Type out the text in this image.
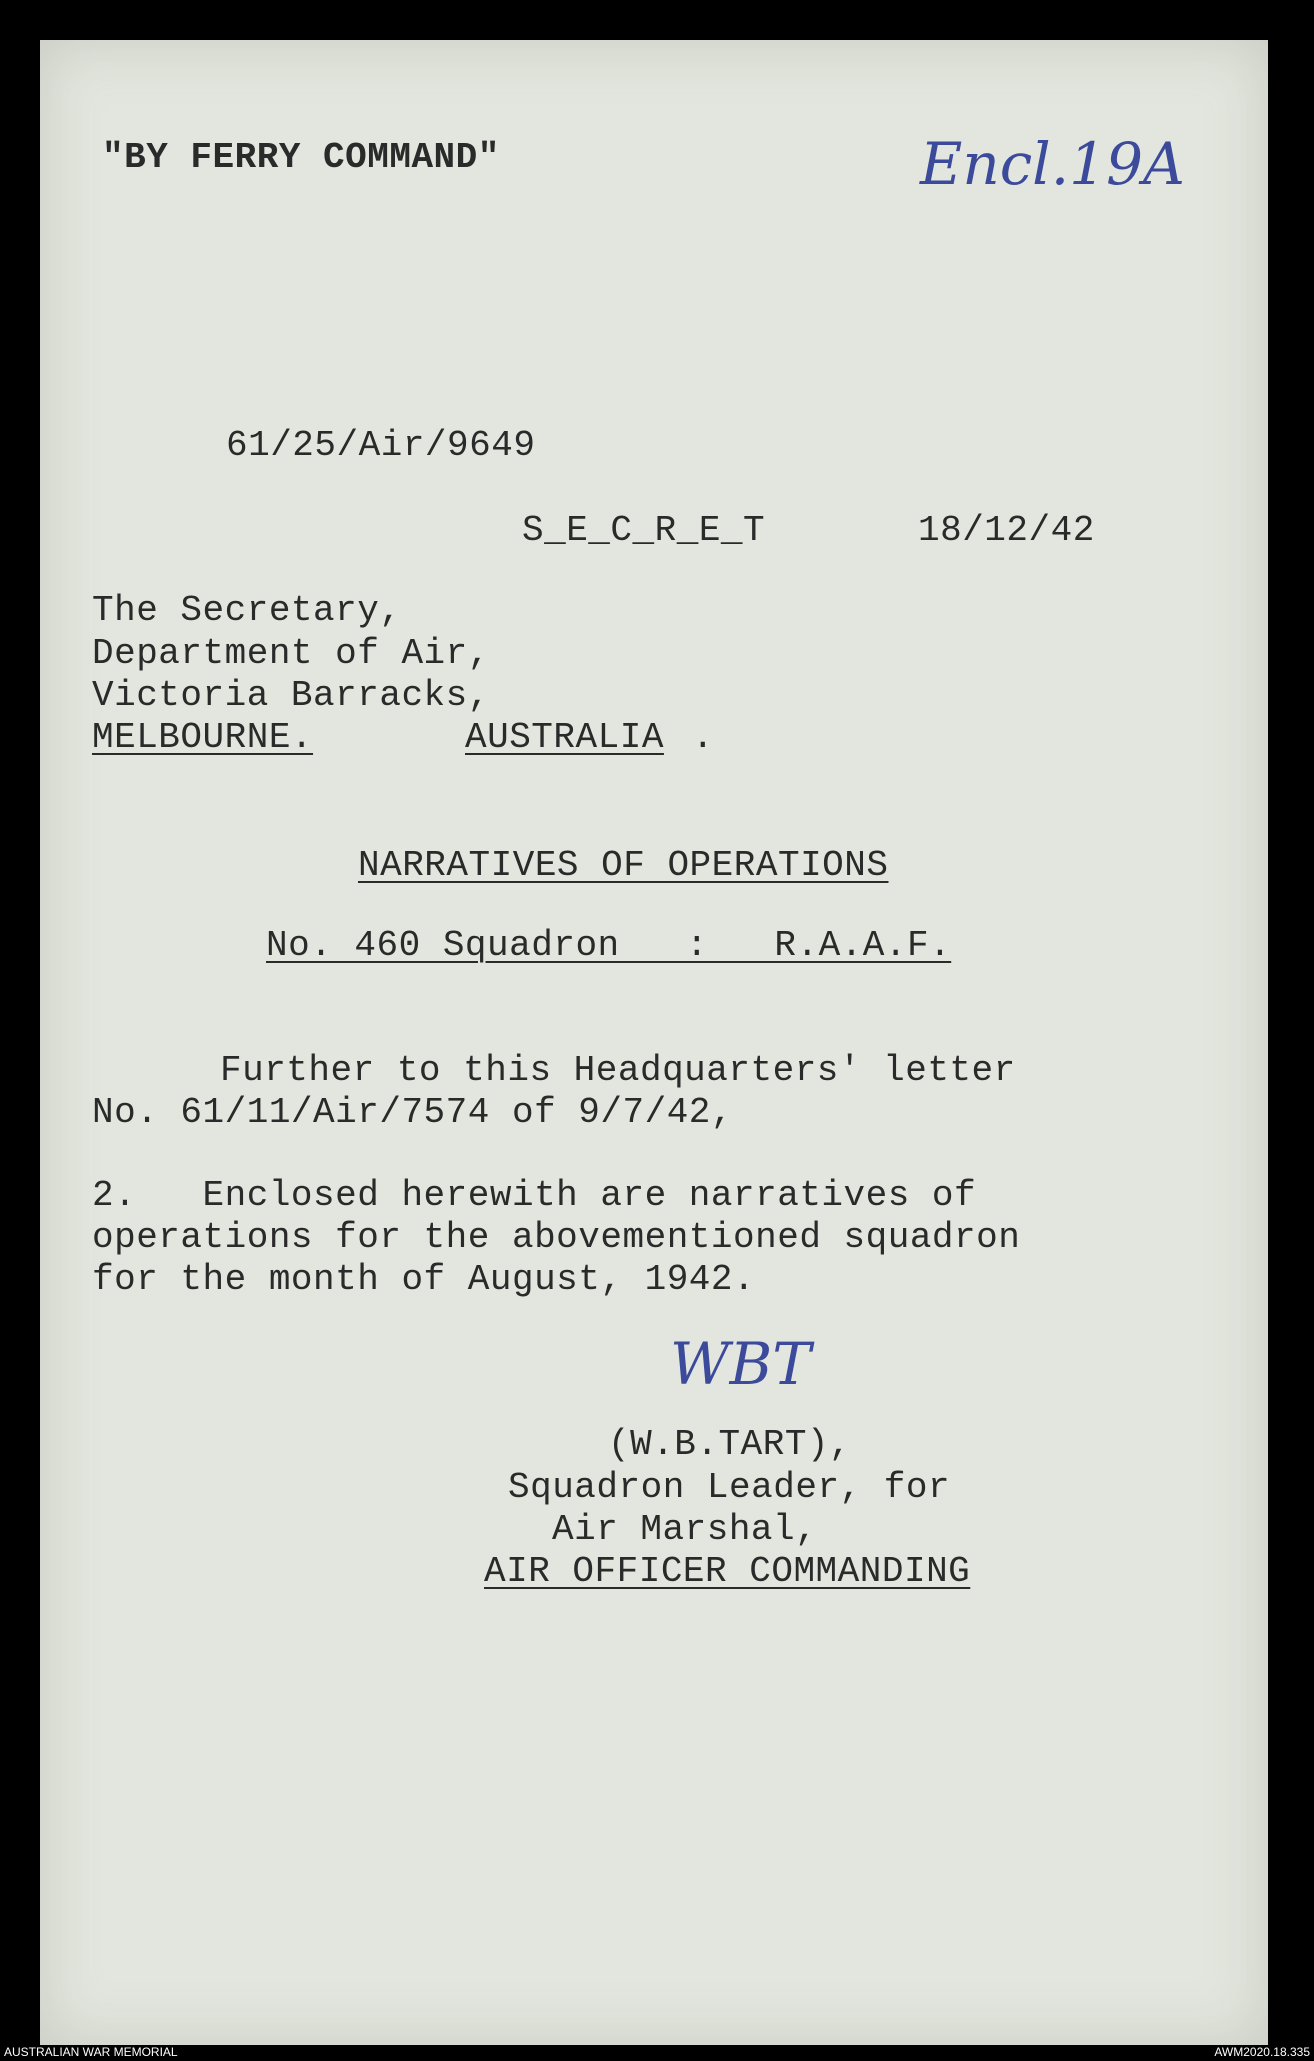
"BY FERRY COMMAND"	Encl.19A
61/25/Air/9649
S_E_C_R_E_T	18/12/42
The Secretary,
Department of Air,
Victoria Barracks,
MELBOURNE.	AUSTRALIA .
NARRATIVES OF OPERATIONS
No. 460 Squadron   :   R.A.A.F.
Further to this Headquarters' letter
No. 61/11/Air/7574 of 9/7/42,
2.   Enclosed herewith are narratives of
operations for the abovementioned squadron
for the month of August, 1942.
WBT
(W.B.TART),
Squadron Leader, for
Air Marshal,
AIR OFFICER COMMANDING
AUSTRALIAN WAR MEMORIAL	AWM2020.18.335
